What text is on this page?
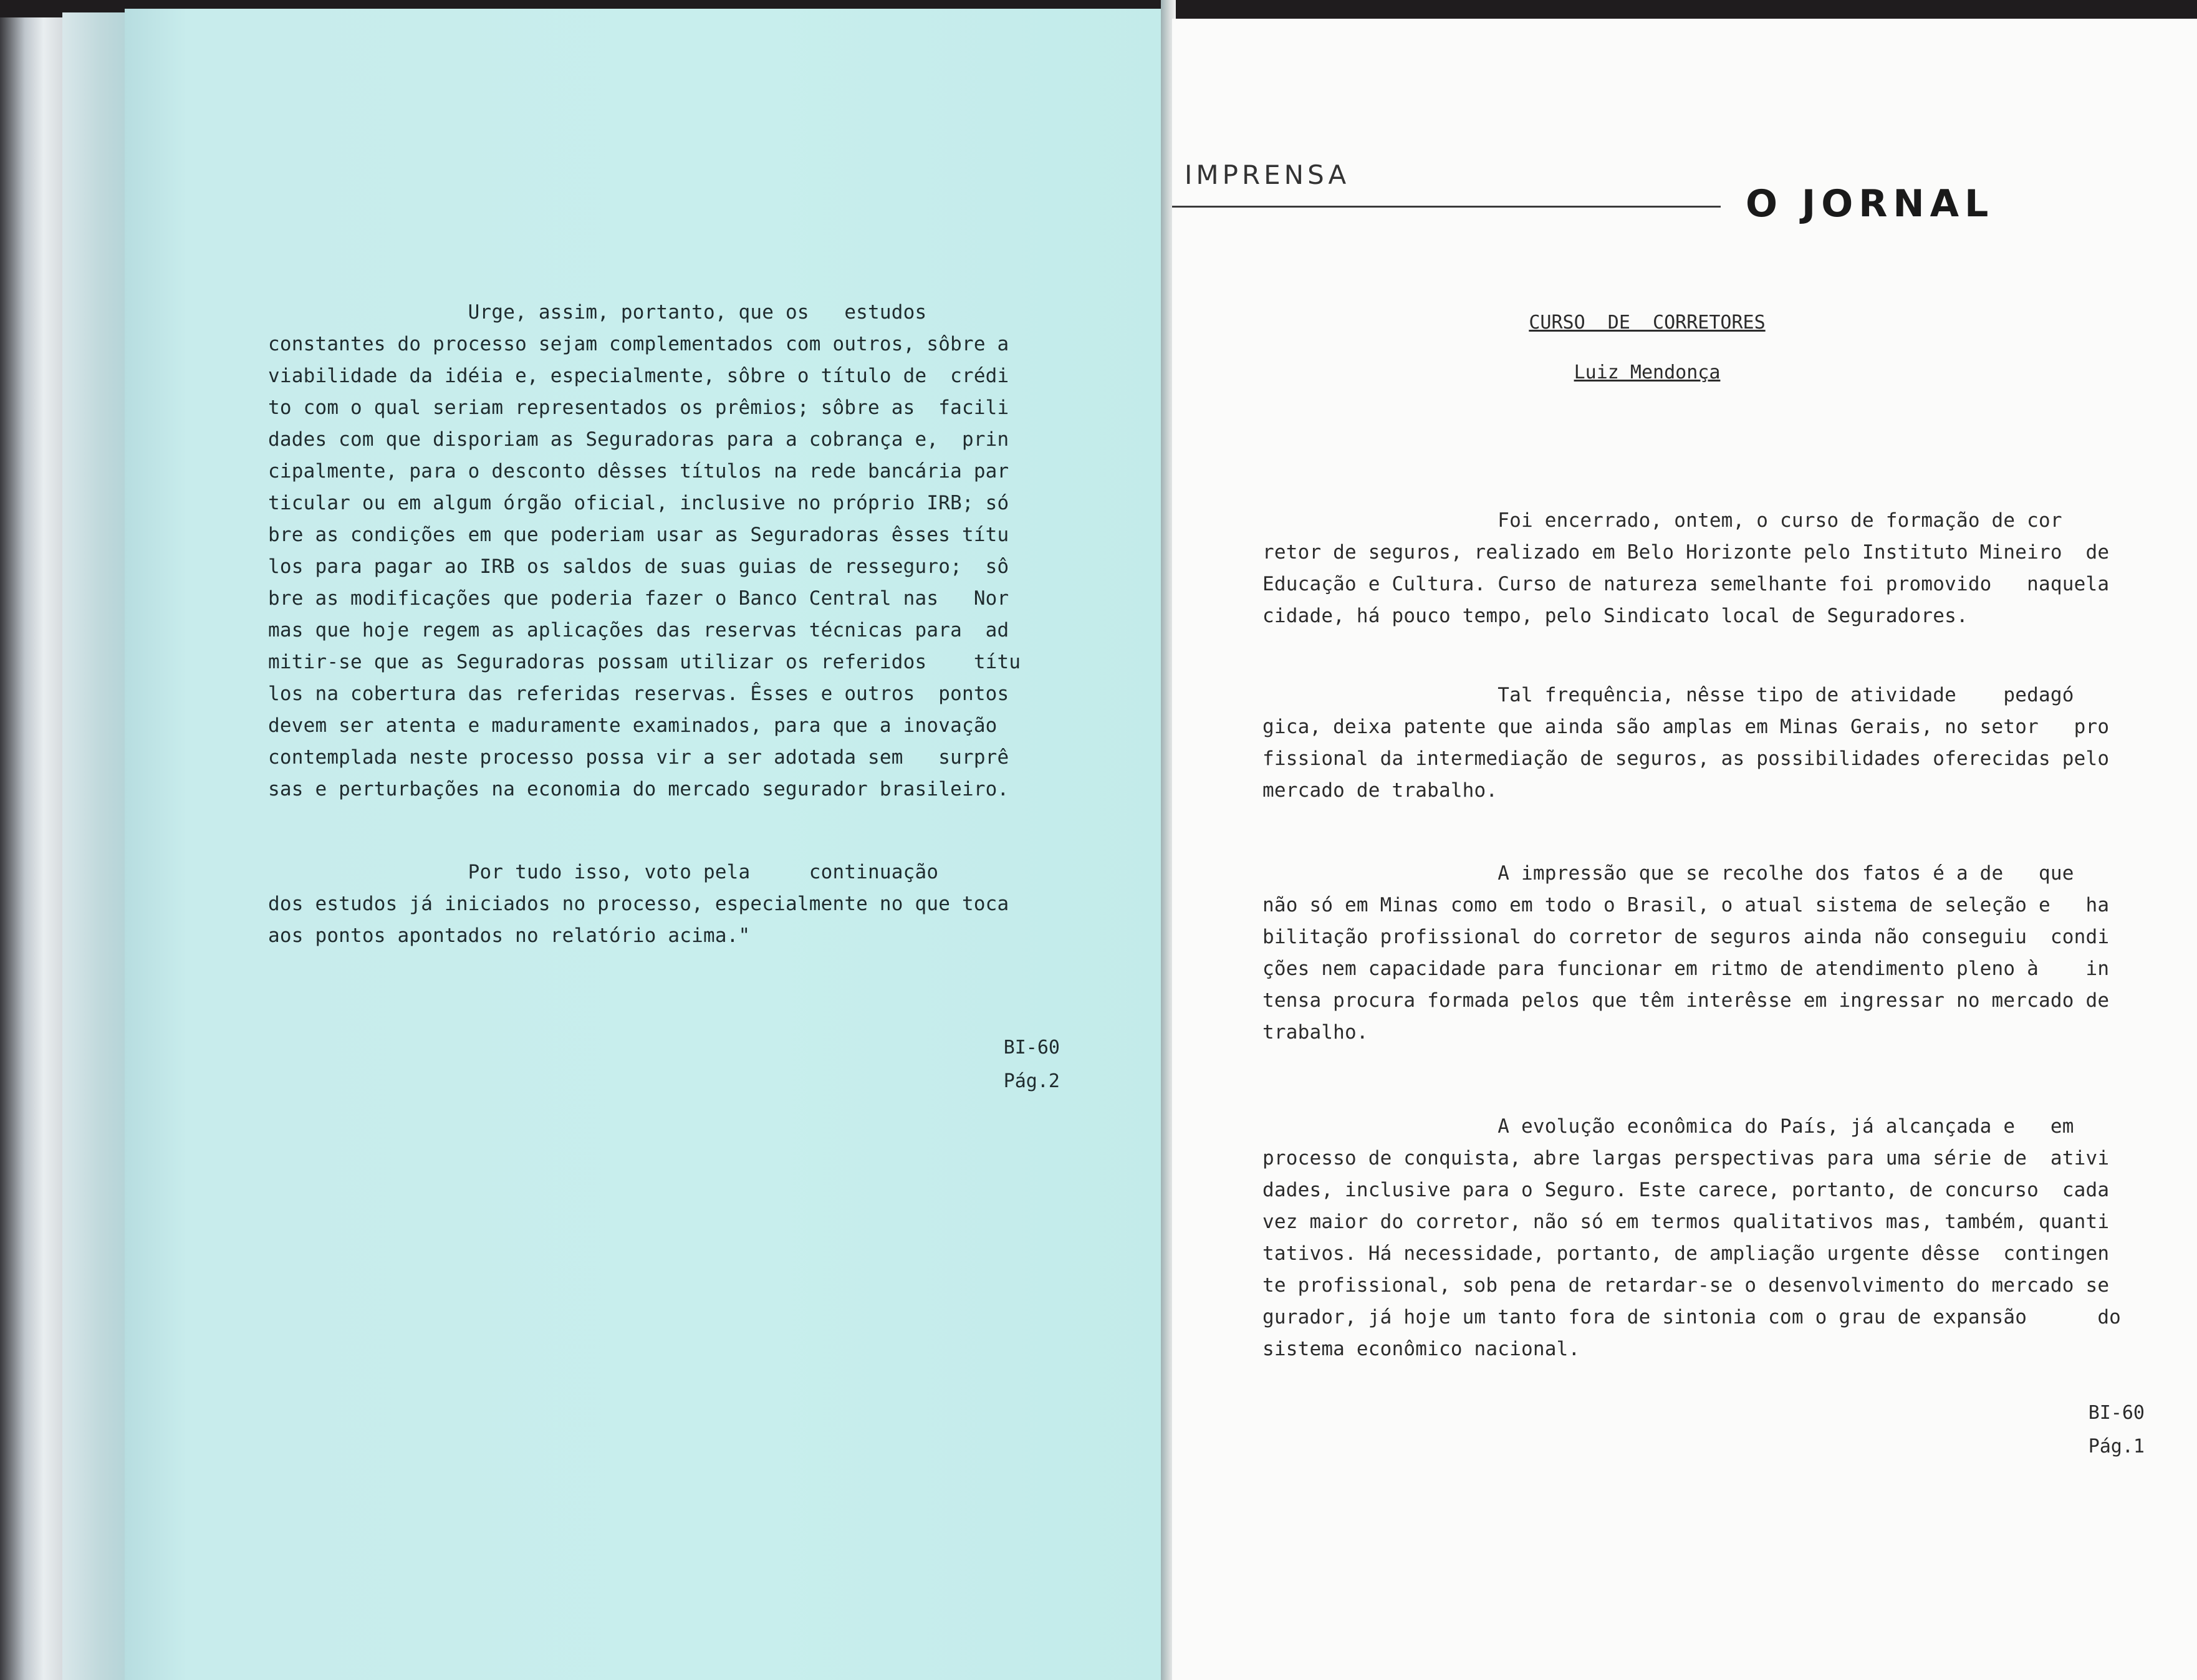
Urge, assim, portanto, que os   estudos
constantes do processo sejam complementados com outros, sôbre a
viabilidade da idéia e, especialmente, sôbre o título de  crédi
to com o qual seriam representados os prêmios; sôbre as  facili
dades com que disporiam as Seguradoras para a cobrança e,  prin
cipalmente, para o desconto dêsses títulos na rede bancária par
ticular ou em algum órgão oficial, inclusive no próprio IRB; só
bre as condições em que poderiam usar as Seguradoras êsses títu
los para pagar ao IRB os saldos de suas guias de resseguro;  sô
bre as modificações que poderia fazer o Banco Central nas   Nor
mas que hoje regem as aplicações das reservas técnicas para  ad
mitir-se que as Seguradoras possam utilizar os referidos    títu
los na cobertura das referidas reservas. Êsses e outros  pontos
devem ser atenta e maduramente examinados, para que a inovação
contemplada neste processo possa vir a ser adotada sem   surprê
sas e perturbações na economia do mercado segurador brasileiro.
Por tudo isso, voto pela     continuação
dos estudos já iniciados no processo, especialmente no que toca
aos pontos apontados no relatório acima."
BI-60
Pág.2
IMPRENSA
O JORNAL
CURSO  DE  CORRETORES
Luiz Mendonça
Foi encerrado, ontem, o curso de formação de cor
retor de seguros, realizado em Belo Horizonte pelo Instituto Mineiro  de
Educação e Cultura. Curso de natureza semelhante foi promovido   naquela
cidade, há pouco tempo, pelo Sindicato local de Seguradores.
Tal frequência, nêsse tipo de atividade    pedagó
gica, deixa patente que ainda são amplas em Minas Gerais, no setor   pro
fissional da intermediação de seguros, as possibilidades oferecidas pelo
mercado de trabalho.
A impressão que se recolhe dos fatos é a de   que
não só em Minas como em todo o Brasil, o atual sistema de seleção e   ha
bilitação profissional do corretor de seguros ainda não conseguiu  condi
ções nem capacidade para funcionar em ritmo de atendimento pleno à    in
tensa procura formada pelos que têm interêsse em ingressar no mercado de
trabalho.
A evolução econômica do País, já alcançada e   em
processo de conquista, abre largas perspectivas para uma série de  ativi
dades, inclusive para o Seguro. Este carece, portanto, de concurso  cada
vez maior do corretor, não só em termos qualitativos mas, também, quanti
tativos. Há necessidade, portanto, de ampliação urgente dêsse  contingen
te profissional, sob pena de retardar-se o desenvolvimento do mercado se
gurador, já hoje um tanto fora de sintonia com o grau de expansão      do
sistema econômico nacional.
BI-60
Pág.1
